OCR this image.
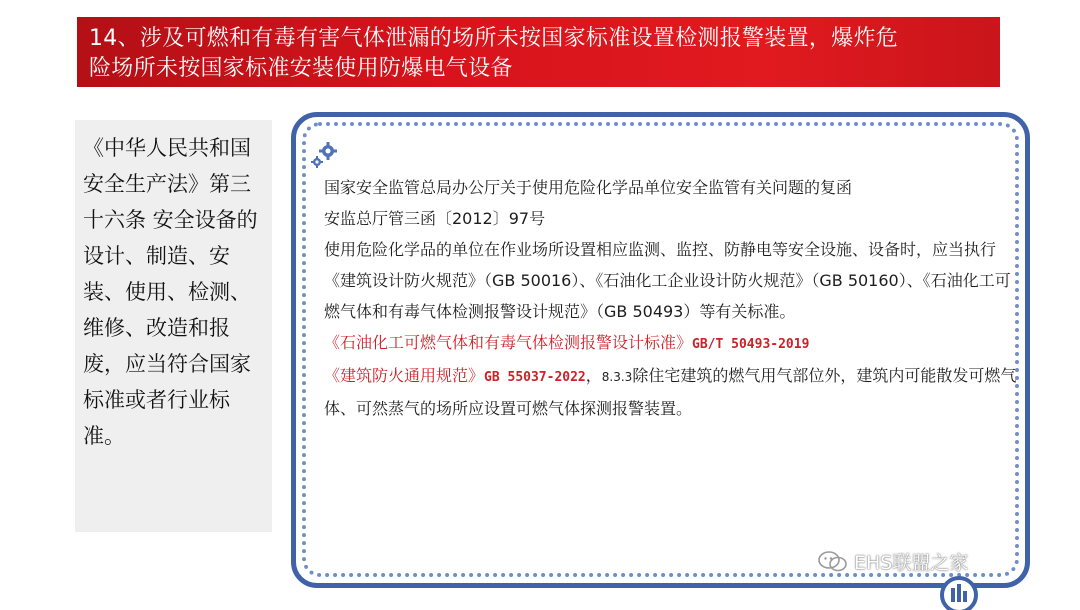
14、涉及可燃和有毒有害气体泄漏的场所未按国家标准设置检测报警装置，爆炸危
险场所未按国家标准安装使用防爆电气设备
《中华人民共和国安全生产法》第三十六条 安全设备的设计、制造、安装、使用、检测、维修、改造和报废，应当符合国家标准或者行业标准。

国家安全监管总局办公厅关于使用危险化学品单位安全监管有关问题的复函

安监总厅管三函〔2012〕97号

使用危险化学品的单位在作业场所设置相应监测、监控、防静电等安全设施、设备时，应当执行《建筑设计防火规范》（GB 50016）、《石油化工企业设计防火规范》（GB 50160）、《石油化工可燃气体和有毒气体检测报警设计规范》（GB 50493）等有关标准。

《石油化工可燃气体和有毒气体检测报警设计标准》GB/T 50493-2019

《建筑防火通用规范》GB 55037-2022，8.3.3除住宅建筑的燃气用气部位外，建筑内可能散发可燃气体、可然蒸气的场所应设置可燃气体探测报警装置。

EHS联盟之家
